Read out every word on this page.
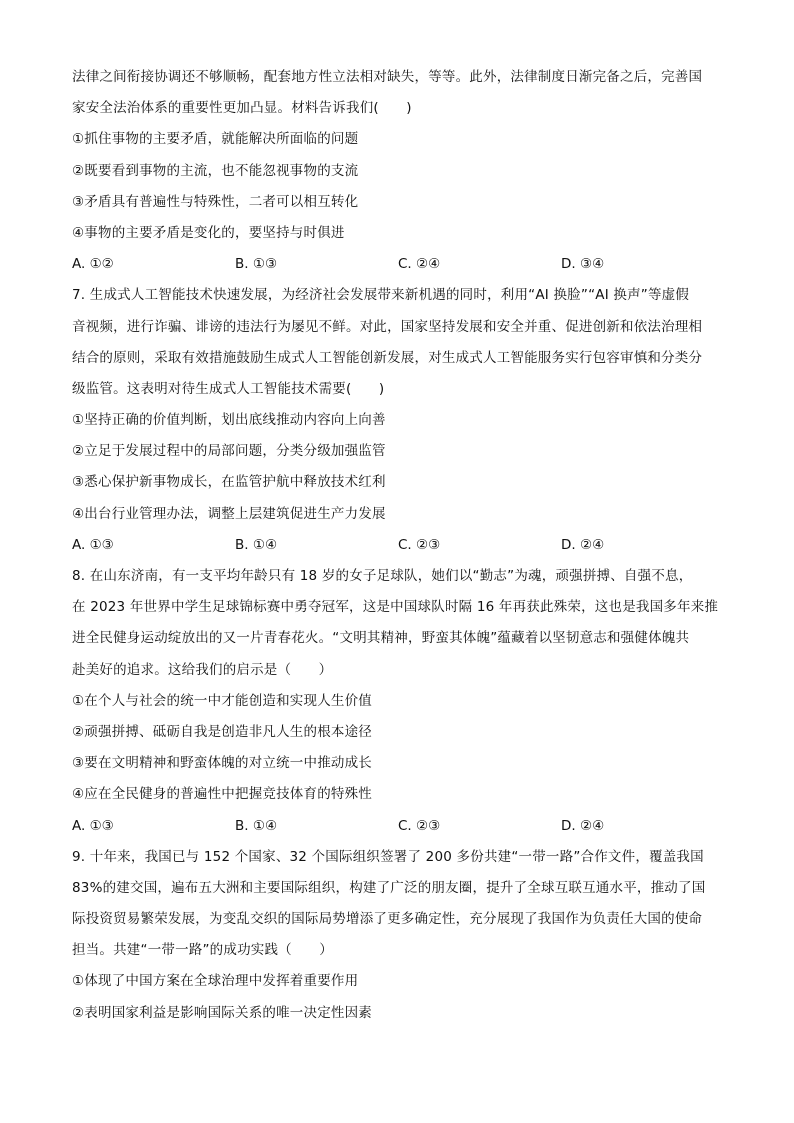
法律之间衔接协调还不够顺畅，配套地方性立法相对缺失，等等。此外，法律制度日渐完备之后，完善国
家安全法治体系的重要性更加凸显。材料告诉我们(　　)
①抓住事物的主要矛盾，就能解决所面临的问题
②既要看到事物的主流，也不能忽视事物的支流
③矛盾具有普遍性与特殊性，二者可以相互转化
④事物的主要矛盾是变化的，要坚持与时俱进
A. ①②	B. ①③	C. ②④	D. ③④
7. 生成式人工智能技术快速发展，为经济社会发展带来新机遇的同时，利用“AI 换脸”“AI 换声”等虚假
音视频，进行诈骗、诽谤的违法行为屡见不鲜。对此，国家坚持发展和安全并重、促进创新和依法治理相
结合的原则，采取有效措施鼓励生成式人工智能创新发展，对生成式人工智能服务实行包容审慎和分类分
级监管。这表明对待生成式人工智能技术需要(　　)
①坚持正确的价值判断，划出底线推动内容向上向善
②立足于发展过程中的局部问题，分类分级加强监管
③悉心保护新事物成长，在监管护航中释放技术红利
④出台行业管理办法，调整上层建筑促进生产力发展
A. ①③	B. ①④	C. ②③	D. ②④
8. 在山东济南，有一支平均年龄只有 18 岁的女子足球队，她们以“勤志”为魂，顽强拼搏、自强不息，
在 2023 年世界中学生足球锦标赛中勇夺冠军，这是中国球队时隔 16 年再获此殊荣，这也是我国多年来推
进全民健身运动绽放出的又一片青春花火。“文明其精神，野蛮其体魄”蕴藏着以坚韧意志和强健体魄共
赴美好的追求。这给我们的启示是（　　）
①在个人与社会的统一中才能创造和实现人生价值
②顽强拼搏、砥砺自我是创造非凡人生的根本途径
③要在文明精神和野蛮体魄的对立统一中推动成长
④应在全民健身的普遍性中把握竞技体育的特殊性
A. ①③	B. ①④	C. ②③	D. ②④
9. 十年来，我国已与 152 个国家、32 个国际组织签署了 200 多份共建“一带一路”合作文件，覆盖我国
83%的建交国，遍布五大洲和主要国际组织，构建了广泛的朋友圈，提升了全球互联互通水平，推动了国
际投资贸易繁荣发展，为变乱交织的国际局势增添了更多确定性，充分展现了我国作为负责任大国的使命
担当。共建“一带一路”的成功实践（　　）
①体现了中国方案在全球治理中发挥着重要作用
②表明国家利益是影响国际关系的唯一决定性因素
